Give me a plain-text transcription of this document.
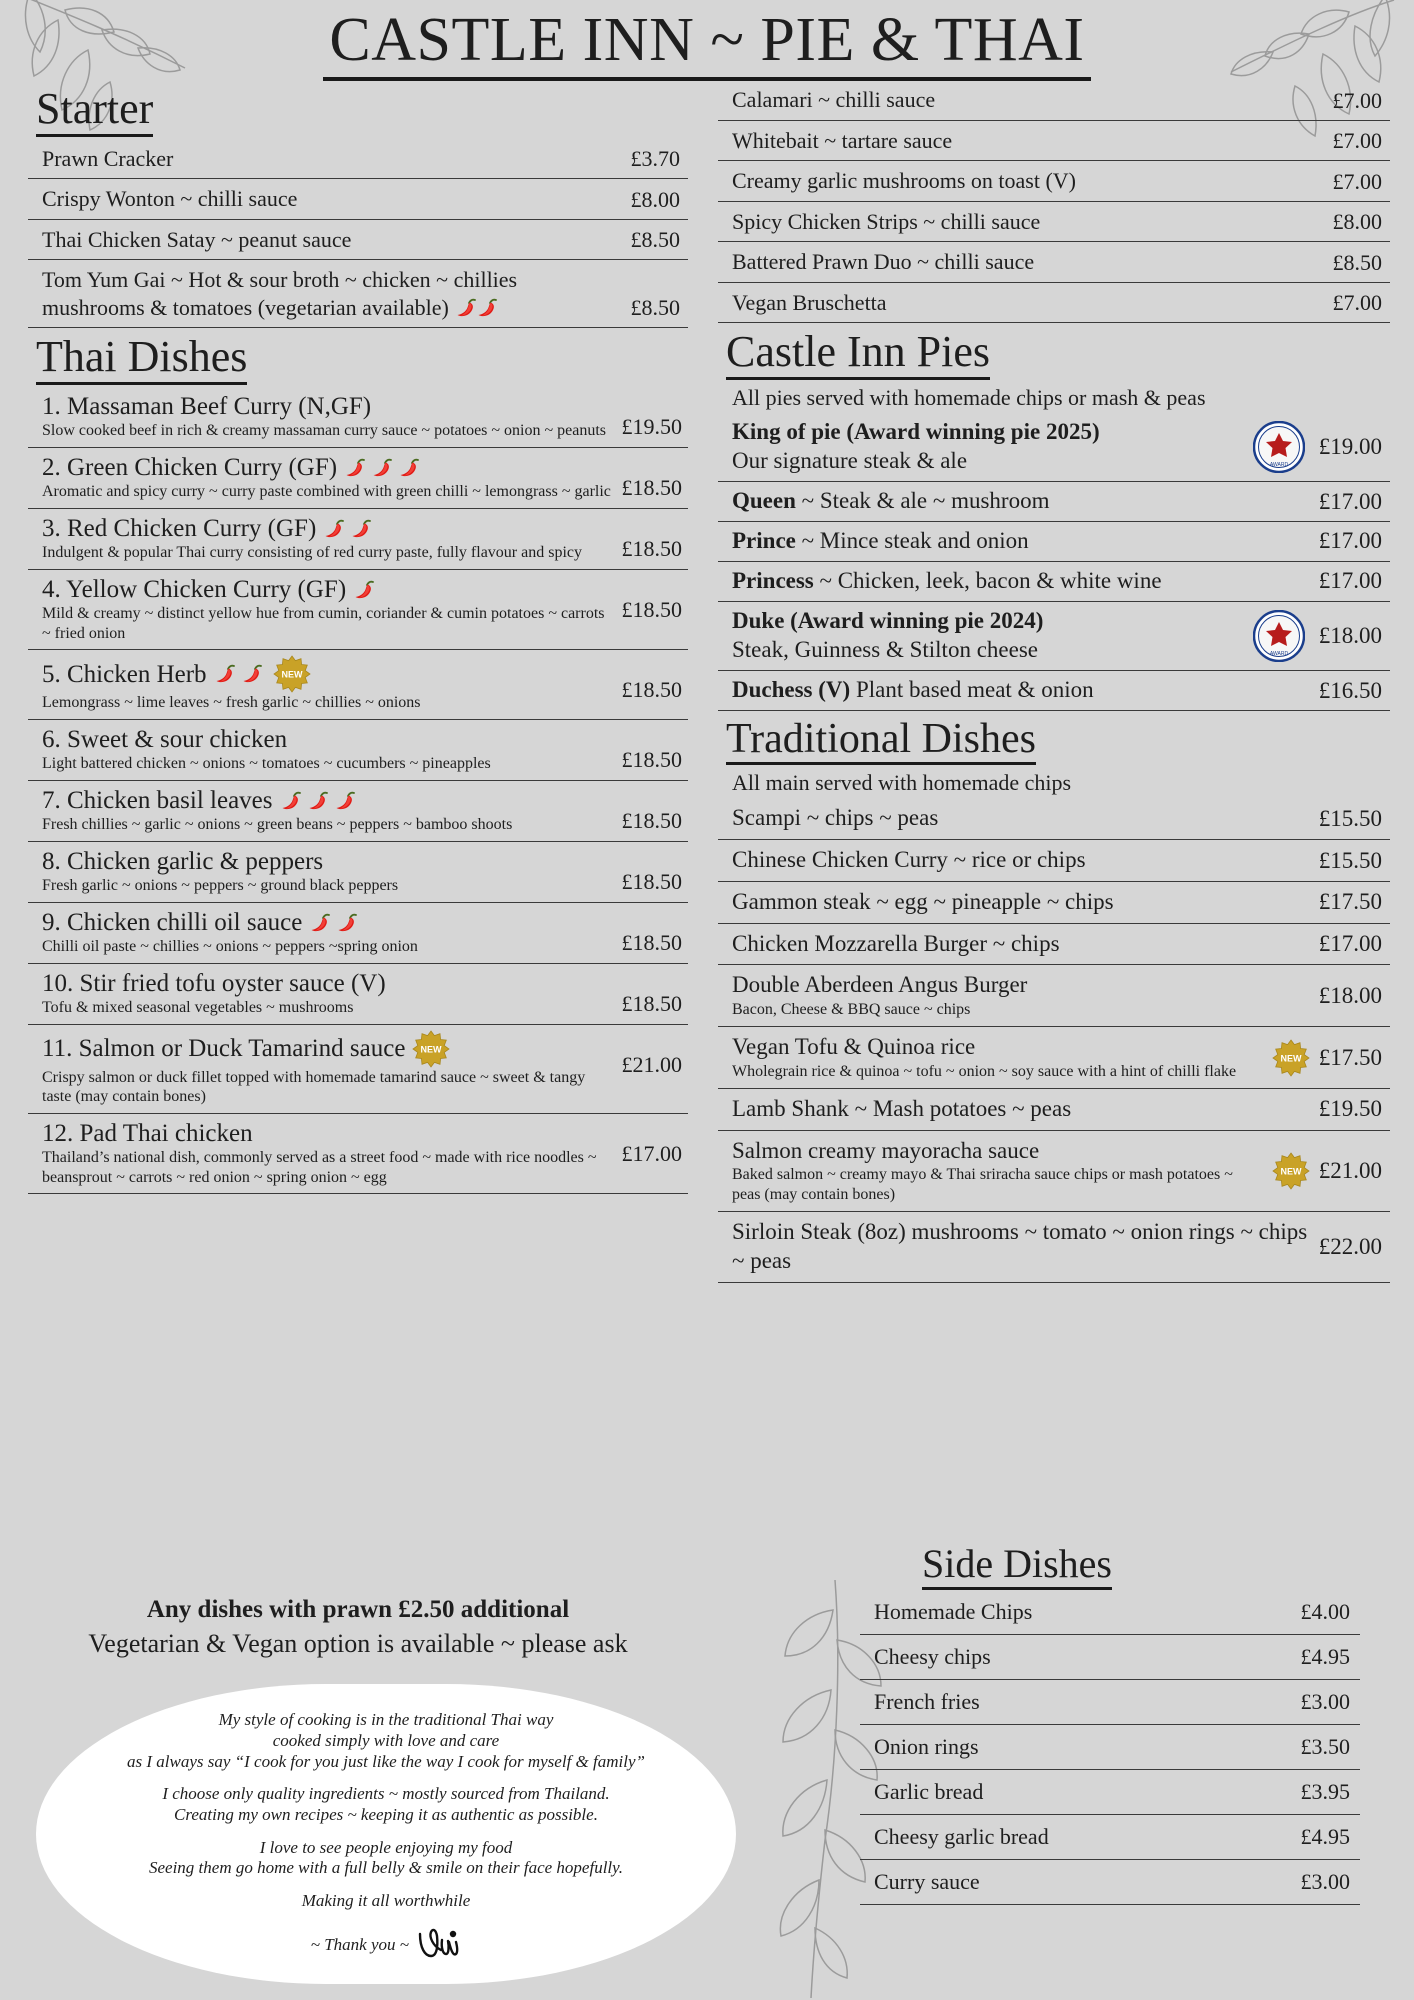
CASTLE INN ~ PIE & THAI
Starter
Prawn Cracker	£3.70
Crispy Wonton ~ chilli sauce	£8.00
Thai Chicken Satay ~ peanut sauce	£8.50
Tom Yum Gai ~ Hot & sour broth ~ chicken ~ chillies mushrooms & tomatoes (vegetarian available)	£8.50
Thai Dishes
1. Massaman Beef Curry (N,GF)
Slow cooked beef in rich & creamy massaman curry sauce ~ potatoes ~ onion ~ peanuts £19.50
2. Green Chicken Curry (GF)
Aromatic and spicy curry ~ curry paste combined with green chilli ~ lemongrass ~ garlic £18.50
3. Red Chicken Curry (GF)
Indulgent & popular Thai curry consisting of red curry paste, fully flavour and spicy	£18.50
4. Yellow Chicken Curry (GF)
Mild & creamy ~ distinct yellow hue from cumin, coriander & cumin potatoes ~ carrots ~ fried onion
£18.50
5. Chicken Herb	NEW
Lemongrass ~ lime leaves ~ fresh garlic ~ chillies ~ onions
£18.50
6. Sweet & sour chicken
Light battered chicken ~ onions ~ tomatoes ~ cucumbers ~ pineapples	£18.50
7. Chicken basil leaves
Fresh chillies ~ garlic ~ onions ~ green beans ~ peppers ~ bamboo shoots	£18.50
8. Chicken garlic & peppers
Fresh garlic ~ onions ~ peppers ~ ground black peppers	£18.50
9. Chicken chilli oil sauce
Chilli oil paste ~ chillies ~ onions ~ peppers ~spring onion	£18.50
10. Stir fried tofu oyster sauce (V)
Tofu & mixed seasonal vegetables ~ mushrooms	£18.50
11. Salmon or Duck Tamarind sauce NEW
Crispy salmon or duck fillet topped with homemade tamarind sauce ~ sweet & tangy taste (may contain bones)
£21.00
12. Pad Thai chicken
Thailand’s national dish, commonly served as a street food ~ made with rice noodles ~ beansprout ~ carrots ~ red onion ~ spring onion ~ egg
£17.00
Calamari ~ chilli sauce	£7.00
Whitebait ~ tartare sauce	£7.00
Creamy garlic mushrooms on toast (V)	£7.00
Spicy Chicken Strips ~ chilli sauce	£8.00
Battered Prawn Duo ~ chilli sauce	£8.50
Vegan Bruschetta	£7.00
Castle Inn Pies
All pies served with homemade chips or mash & peas
King of pie (Award winning pie 2025)
Our signature steak & ale	AWARD
£19.00
Queen ~ Steak & ale ~ mushroom	£17.00
Prince ~ Mince steak and onion	£17.00
Princess ~ Chicken, leek, bacon & white wine	£17.00
Duke (Award winning pie 2024)
Steak, Guinness & Stilton cheese	AWARD
£18.00
Duchess (V) Plant based meat & onion	£16.50
Traditional Dishes
All main served with homemade chips
Scampi ~ chips ~ peas	£15.50
Chinese Chicken Curry ~ rice or chips	£15.50
Gammon steak ~ egg ~ pineapple ~ chips	£17.50
Chicken Mozzarella Burger ~ chips	£17.00
Double Aberdeen Angus Burger
Bacon, Cheese & BBQ sauce ~ chips
£18.00
Vegan Tofu & Quinoa rice
Wholegrain rice & quinoa ~ tofu ~ onion ~ soy sauce with a hint of chilli flake
NEW £17.50
Lamb Shank ~ Mash potatoes ~ peas	£19.50
Salmon creamy mayoracha sauce
Baked salmon ~ creamy mayo & Thai sriracha sauce chips or mash potatoes ~ peas (may contain bones)
NEW £21.00
Sirloin Steak (8oz) mushrooms ~ tomato ~ onion rings ~ chips ~ peas
£22.00
Side Dishes
Homemade Chips	£4.00
Cheesy chips	£4.95
French fries	£3.00
Onion rings	£3.50
Garlic bread	£3.95
Cheesy garlic bread	£4.95
Curry sauce	£3.00
Any dishes with prawn £2.50 additional
Vegetarian & Vegan option is available ~ please ask

My style of cooking is in the traditional Thai way
cooked simply with love and care
as I always say “I cook for you just like the way I cook for myself & family”

I choose only quality ingredients ~ mostly sourced from Thailand.
Creating my own recipes ~ keeping it as authentic as possible.

I love to see people enjoying my food
Seeing them go home with a full belly & smile on their face hopefully.

Making it all worthwhile

~ Thank you ~
